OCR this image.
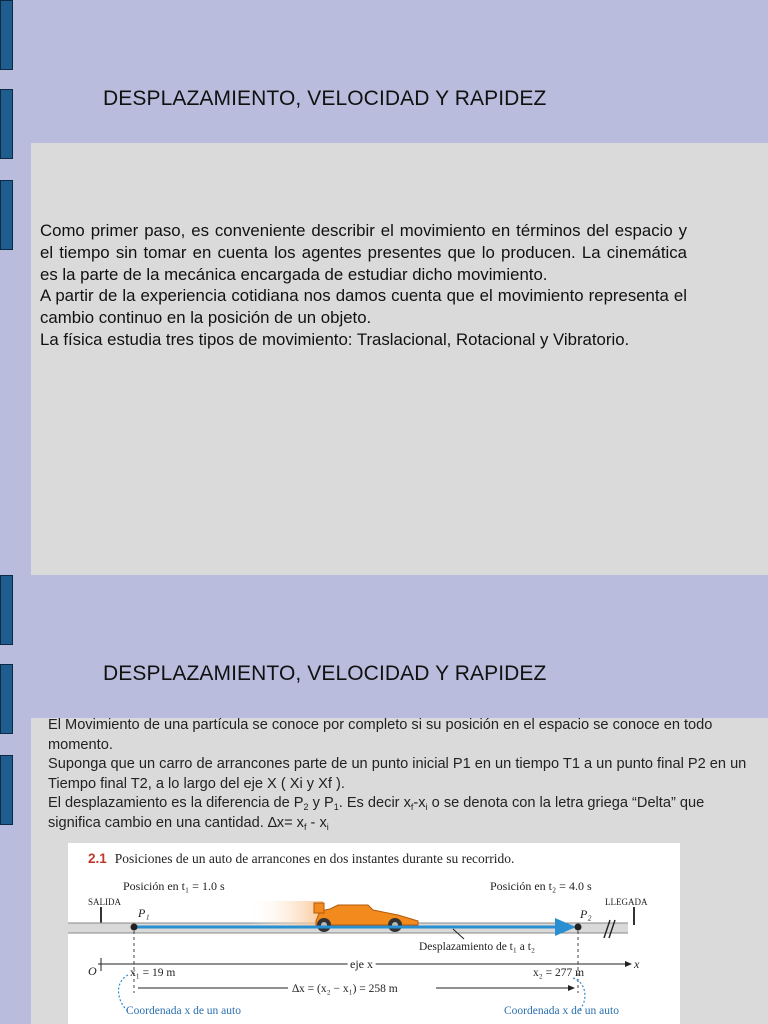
DESPLAZAMIENTO, VELOCIDAD Y RAPIDEZ

Como primer paso, es conveniente describir el movimiento en términos del espacio y el tiempo sin tomar en cuenta los agentes presentes que lo producen. La cinemática es la parte de la mecánica encargada de estudiar dicho movimiento.

A partir de la experiencia cotidiana nos damos cuenta que el movimiento representa el cambio continuo en la posición de un objeto.

La física estudia tres tipos de movimiento: Traslacional, Rotacional y Vibratorio.

DESPLAZAMIENTO, VELOCIDAD Y RAPIDEZ

El Movimiento de una partícula se conoce por completo si su posición en el espacio se conoce en todo momento.

Suponga que un carro de arrancones parte de un punto inicial P1 en un tiempo T1 a un punto final P2 en un Tiempo final T2, a lo largo del eje X ( Xi y Xf ).

El desplazamiento es la diferencia de $P_2$ y $P_1$. Es decir $x_f-x_i$ o se denota con la letra griega “Delta” que significa cambio en una cantidad. $\Delta x= x_f - x_i$

2.1 Posiciones de un auto de arrancones en dos instantes durante su recorrido.
Posición en t₁ = 1.0 s	Posición en t₂ = 4.0 s
SALIDA	LLEGADA
P₁	P₂
Desplazamiento de t₁ a t₂
eje x	x
O	x₁ = 19 m	x₂ = 277 m
∆x = (x₂ − x₁) = 258 m
Coordenada x de un auto	Coordenada x de un auto
